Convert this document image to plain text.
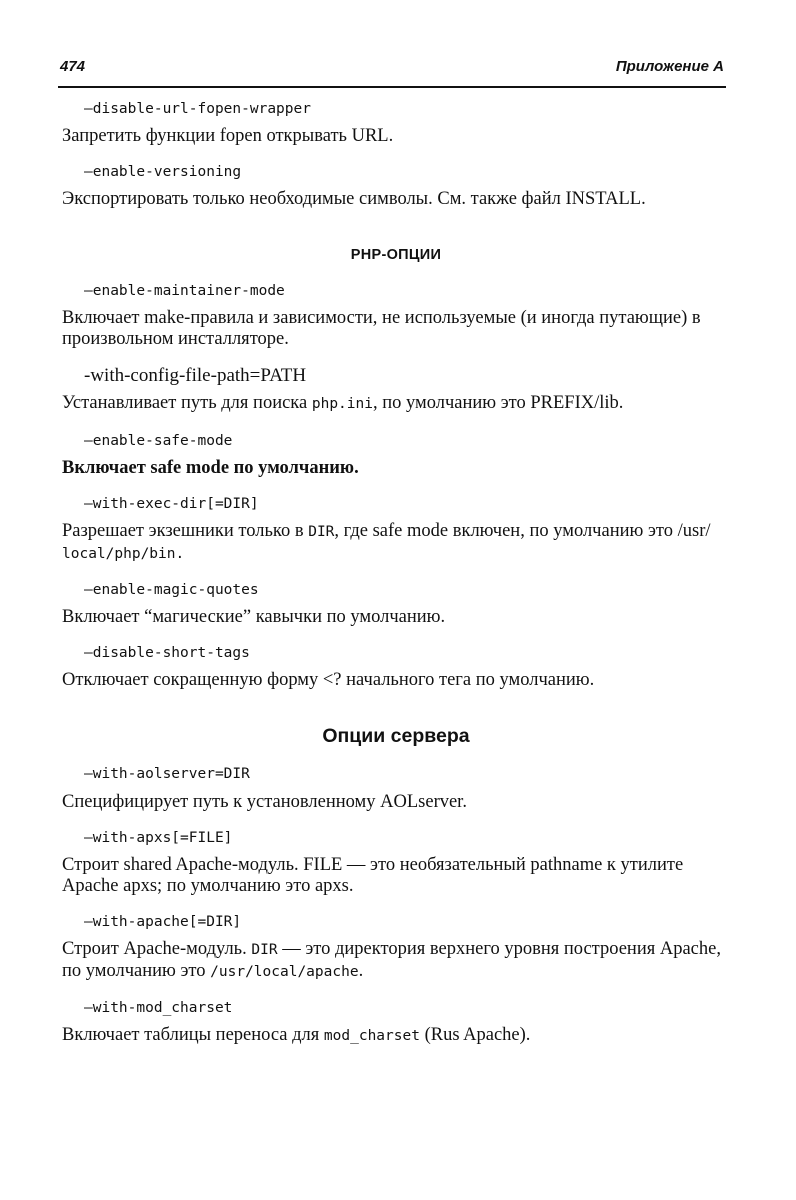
474	Приложение А
—disable-url-fopen-wrapper
Запретить функции fopen открывать URL.
—enable-versioning
Экспортировать только необходимые символы. См. также файл INSTALL.
PHP-ОПЦИИ
—enable-maintainer-mode
Включает make-правила и зависимости, не используемые (и иногда путающие) в произвольном инсталляторе.
-with-config-file-path=PATH
Устанавливает путь для поиска php.ini, по умолчанию это PREFIX/lib.
—enable-safe-mode
Включает safe mode по умолчанию.
—with-exec-dir[=DIR]
Разрешает экзешники только в DIR, где safe mode включен, по умолчанию это /usr/
local/php/bin.
—enable-magic-quotes
Включает “магические” кавычки по умолчанию.
—disable-short-tags
Отключает сокращенную форму <? начального тега по умолчанию.
Опции сервера
—with-aolserver=DIR
Специфицирует путь к установленному AOLserver.
—with-apxs[=FILE]
Строит shared Apache-модуль. FILE — это необязательный pathname к утилите Apache apxs; по умолчанию это apxs.
—with-apache[=DIR]
Строит Apache-модуль. DIR — это директория верхнего уровня построения Apache, по умолчанию это /usr/local/apache.
—with-mod_charset
Включает таблицы переноса для mod_charset (Rus Apache).
